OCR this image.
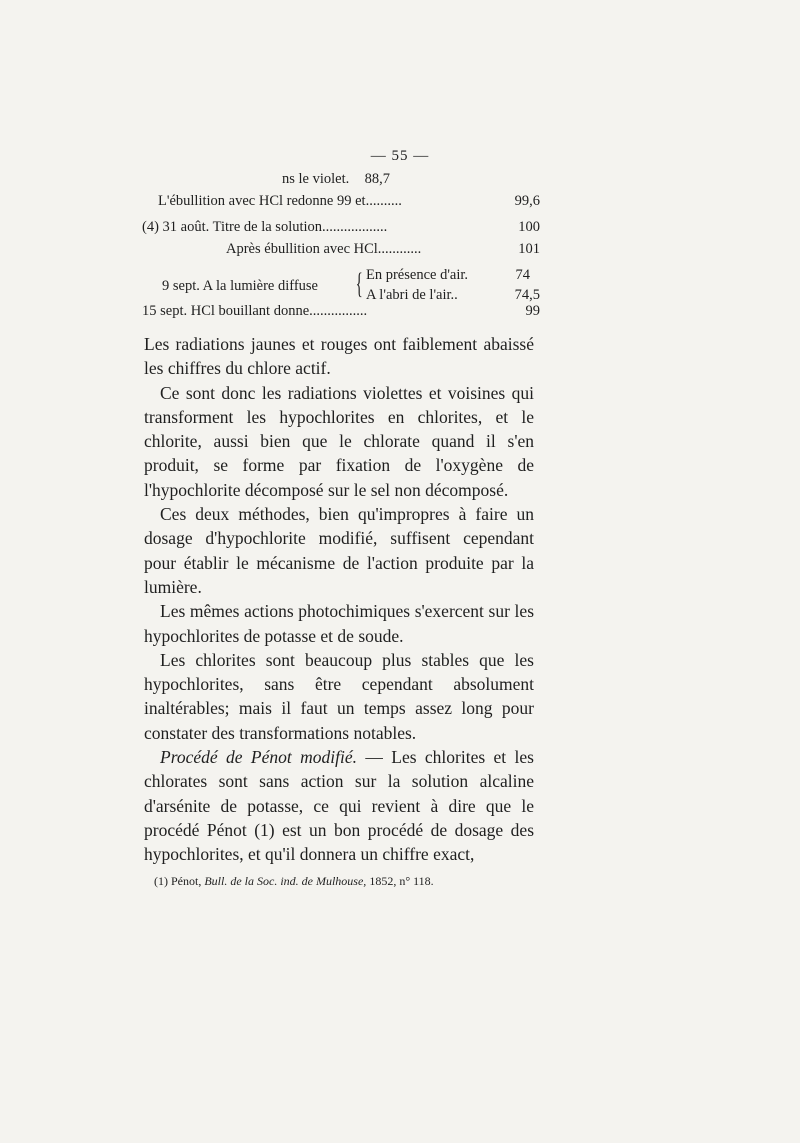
— 55 —
ns le violet. 88,7
L'ébullition avec HCl redonne 99 et..........	99,6
(4) 31 août. Titre de la solution..................	100
Après ébullition avec HCl............	101
9 sept. A la lumière diffuse { En présence d'air.	74
A l'abri de l'air..	74,5
15 sept. HCl bouillant donne................	99

Les radiations jaunes et rouges ont faiblement abaissé les chiffres du chlore actif.

Ce sont donc les radiations violettes et voisines qui transforment les hypochlorites en chlorites, et le chlorite, aussi bien que le chlorate quand il s'en produit, se forme par fixation de l'oxygène de l'hypochlorite décomposé sur le sel non décomposé.

Ces deux méthodes, bien qu'impropres à faire un dosage d'hypochlorite modifié, suffisent cependant pour établir le mécanisme de l'action produite par la lumière.

Les mêmes actions photochimiques s'exercent sur les hypochlorites de potasse et de soude.

Les chlorites sont beaucoup plus stables que les hypochlorites, sans être cependant absolument inaltérables; mais il faut un temps assez long pour constater des transformations notables.

Procédé de Pénot modifié. — Les chlorites et les chlorates sont sans action sur la solution alcaline d'arsénite de potasse, ce qui revient à dire que le procédé Pénot (1) est un bon procédé de dosage des hypochlorites, et qu'il donnera un chiffre exact,

(1) Pénot, Bull. de la Soc. ind. de Mulhouse, 1852, n° 118.
